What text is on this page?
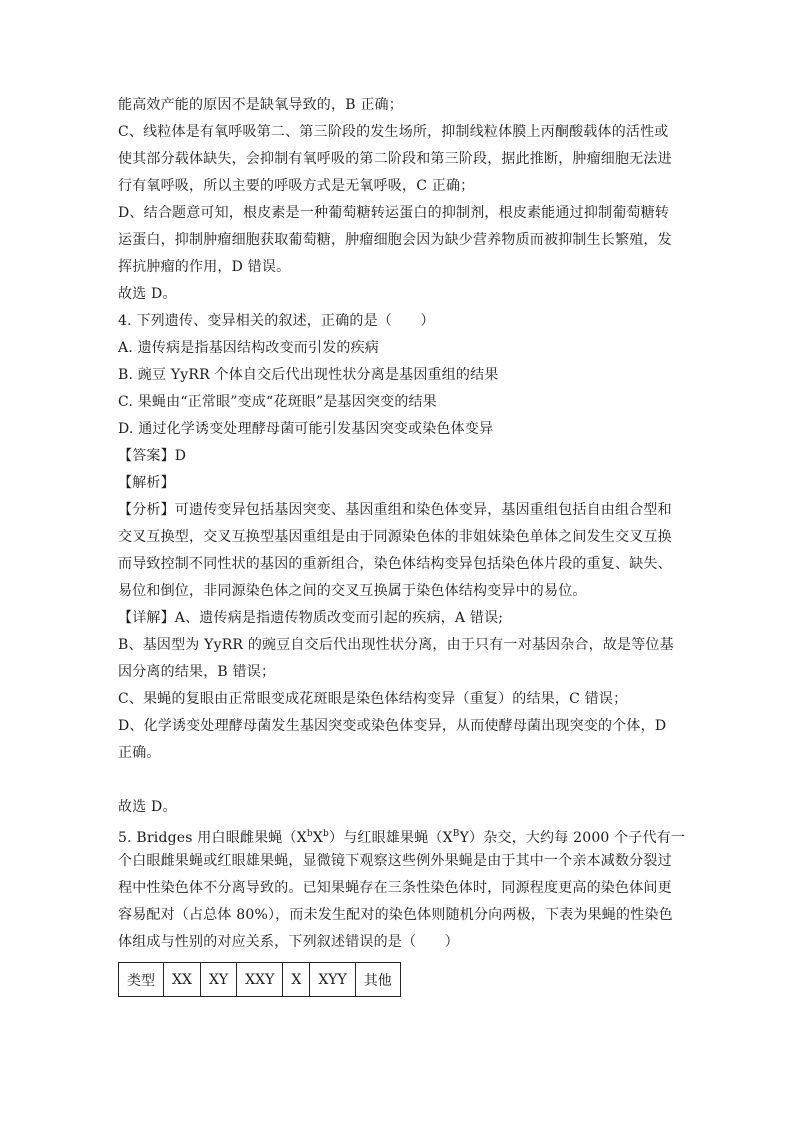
能高效产能的原因不是缺氧导致的，B 正确；
C、线粒体是有氧呼吸第二、第三阶段的发生场所，抑制线粒体膜上丙酮酸载体的活性或
使其部分载体缺失，会抑制有氧呼吸的第二阶段和第三阶段，据此推断，肿瘤细胞无法进
行有氧呼吸，所以主要的呼吸方式是无氧呼吸，C 正确；
D、结合题意可知，根皮素是一种葡萄糖转运蛋白的抑制剂，根皮素能通过抑制葡萄糖转
运蛋白，抑制肿瘤细胞获取葡萄糖，肿瘤细胞会因为缺少营养物质而被抑制生长繁殖，发
挥抗肿瘤的作用，D 错误。
故选 D。
4. 下列遗传、变异相关的叙述，正确的是（　　）
A. 遗传病是指基因结构改变而引发的疾病
B. 豌豆 YyRR 个体自交后代出现性状分离是基因重组的结果
C. 果蝇由“正常眼”变成“花斑眼”是基因突变的结果
D. 通过化学诱变处理酵母菌可能引发基因突变或染色体变异
【答案】D
【解析】
【分析】可遗传变异包括基因突变、基因重组和染色体变异，基因重组包括自由组合型和
交叉互换型，交叉互换型基因重组是由于同源染色体的非姐妹染色单体之间发生交叉互换
而导致控制不同性状的基因的重新组合，染色体结构变异包括染色体片段的重复、缺失、
易位和倒位，非同源染色体之间的交叉互换属于染色体结构变异中的易位。
【详解】A、遗传病是指遗传物质改变而引起的疾病，A 错误;
B、基因型为 YyRR 的豌豆自交后代出现性状分离，由于只有一对基因杂合，故是等位基
因分离的结果，B 错误；
C、果蝇的复眼由正常眼变成花斑眼是染色体结构变异（重复）的结果，C 错误；
D、化学诱变处理酵母菌发生基因突变或染色体变异，从而使酵母菌出现突变的个体，D
正确。
故选 D。
5. Bridges 用白眼雌果蝇$(X^bX^b)$与红眼雄果蝇$(X^BY)$杂交，大约每 2000 个子代有一
个白眼雌果蝇或红眼雄果蝇，显微镜下观察这些例外果蝇是由于其中一个亲本减数分裂过
程中性染色体不分离导致的。已知果蝇存在三条性染色体时，同源程度更高的染色体间更
容易配对（占总体 80%），而未发生配对的染色体则随机分向两极，下表为果蝇的性染色
体组成与性别的对应关系，下列叙述错误的是（　　）
类型	XX	XY	XXY	X	XYY	其他
